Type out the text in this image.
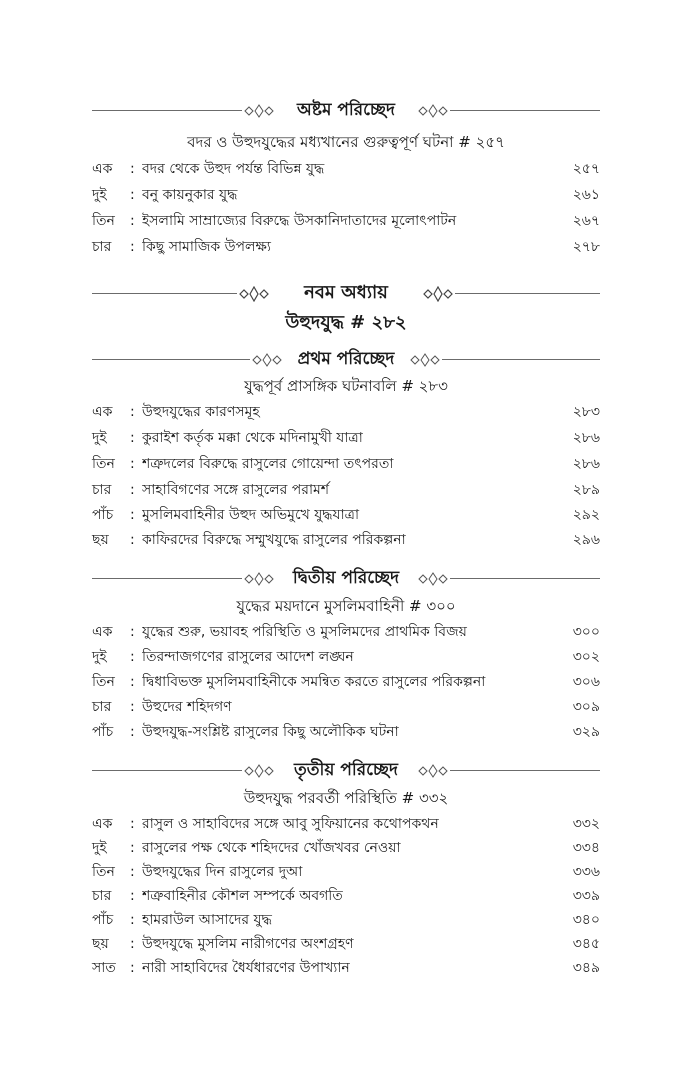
অষ্টম পরিচ্ছেদ
বদর ও উহুদযুদ্ধের মধ্যখানের গুরুত্বপূর্ণ ঘটনা # ২৫৭
এক	: বদর থেকে উহুদ পর্যন্ত বিভিন্ন যুদ্ধ	২৫৭
দুই	: বনু কায়নুকার যুদ্ধ	২৬১
তিন	: ইসলামি সাম্রাজ্যের বিরুদ্ধে উসকানিদাতাদের মূলোৎপাটন	২৬৭
চার	: কিছু সামাজিক উপলক্ষ্য	২৭৮
নবম অধ্যায়
উহুদযুদ্ধ # ২৮২
প্রথম পরিচ্ছেদ
যুদ্ধপূর্ব প্রাসঙ্গিক ঘটনাবলি # ২৮৩
এক	: উহুদযুদ্ধের কারণসমূহ	২৮৩
দুই	: কুরাইশ কর্তৃক মক্কা থেকে মদিনামুখী যাত্রা	২৮৬
তিন	: শত্রুদলের বিরুদ্ধে রাসুলের গোয়েন্দা তৎপরতা	২৮৬
চার	: সাহাবিগণের সঙ্গে রাসুলের পরামর্শ	২৮৯
পাঁচ	: মুসলিমবাহিনীর উহুদ অভিমুখে যুদ্ধযাত্রা	২৯২
ছয়	: কাফিরদের বিরুদ্ধে সম্মুখযুদ্ধে রাসুলের পরিকল্পনা	২৯৬
দ্বিতীয় পরিচ্ছেদ
যুদ্ধের ময়দানে মুসলিমবাহিনী # ৩০০
এক	: যুদ্ধের শুরু, ভয়াবহ পরিস্থিতি ও মুসলিমদের প্রাথমিক বিজয়	৩০০
দুই	: তিরন্দাজগণের রাসুলের আদেশ লঙ্ঘন	৩০২
তিন	: দ্বিধাবিভক্ত মুসলিমবাহিনীকে সমন্বিত করতে রাসুলের পরিকল্পনা	৩০৬
চার	: উহুদের শহিদগণ	৩০৯
পাঁচ	: উহুদযুদ্ধ-সংশ্লিষ্ট রাসুলের কিছু অলৌকিক ঘটনা	৩২৯
তৃতীয় পরিচ্ছেদ
উহুদযুদ্ধ পরবর্তী পরিস্থিতি # ৩৩২
এক	: রাসুল ও সাহাবিদের সঙ্গে আবু সুফিয়ানের কথোপকথন	৩৩২
দুই	: রাসুলের পক্ষ থেকে শহিদদের খোঁজখবর নেওয়া	৩৩৪
তিন	: উহুদযুদ্ধের দিন রাসুলের দুআ	৩৩৬
চার	: শত্রুবাহিনীর কৌশল সম্পর্কে অবগতি	৩৩৯
পাঁচ	: হামরাউল আসাদের যুদ্ধ	৩৪০
ছয়	: উহুদযুদ্ধে মুসলিম নারীগণের অংশগ্রহণ	৩৪৫
সাত	: নারী সাহাবিদের ধৈর্যধারণের উপাখ্যান	৩৪৯
